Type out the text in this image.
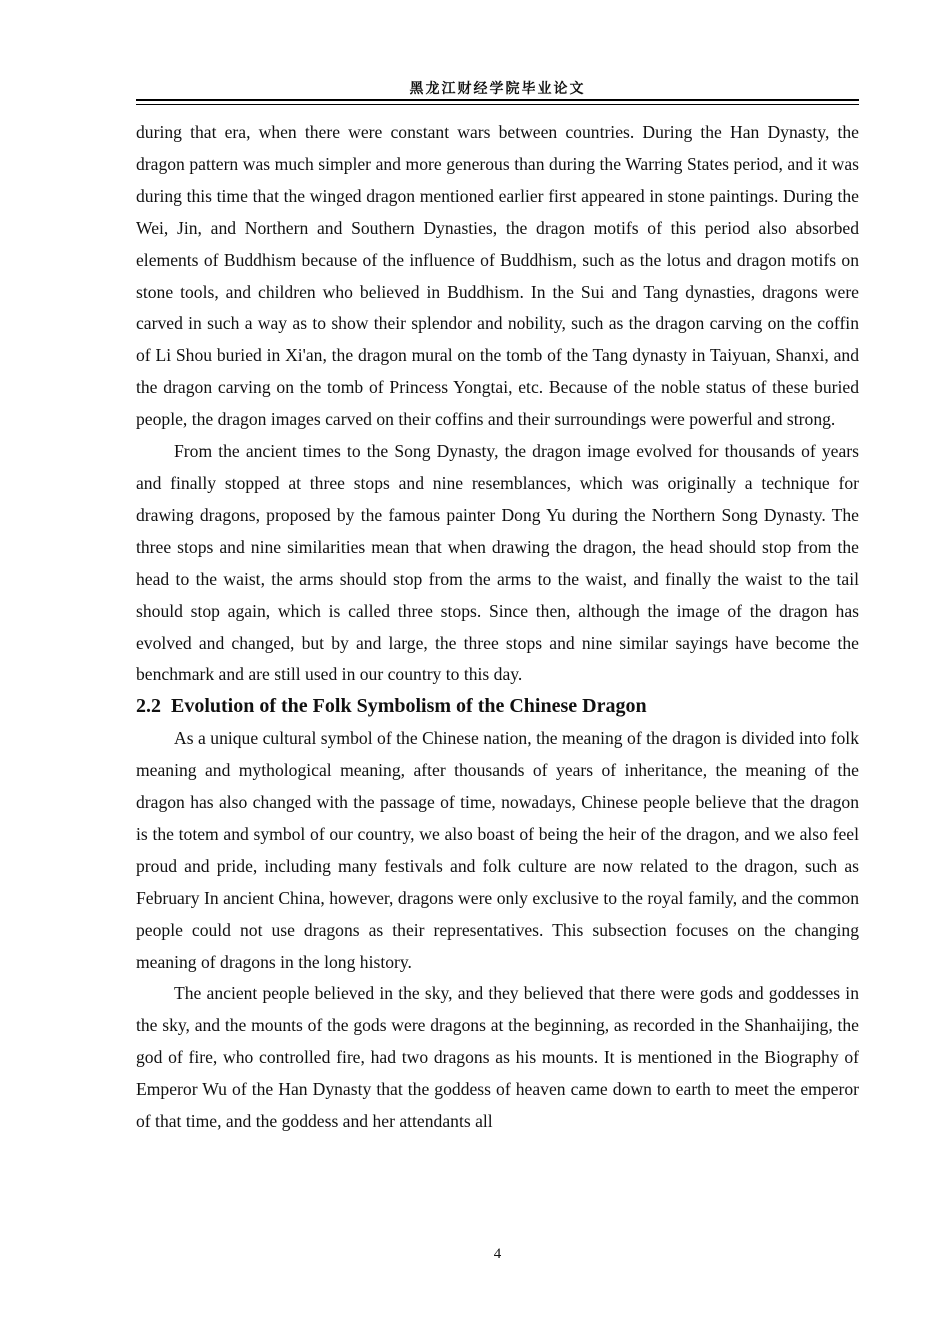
黑龙江财经学院毕业论文

during that era, when there were constant wars between countries. During the Han Dynasty, the dragon pattern was much simpler and more generous than during the Warring States period, and it was during this time that the winged dragon mentioned earlier first appeared in stone paintings. During the Wei, Jin, and Northern and Southern Dynasties, the dragon motifs of this period also absorbed elements of Buddhism because of the influence of Buddhism, such as the lotus and dragon motifs on stone tools, and children who believed in Buddhism. In the Sui and Tang dynasties, dragons were carved in such a way as to show their splendor and nobility, such as the dragon carving on the coffin of Li Shou buried in Xi'an, the dragon mural on the tomb of the Tang dynasty in Taiyuan, Shanxi, and the dragon carving on the tomb of Princess Yongtai, etc. Because of the noble status of these buried people, the dragon images carved on their coffins and their surroundings were powerful and strong.

From the ancient times to the Song Dynasty, the dragon image evolved for thousands of years and finally stopped at three stops and nine resemblances, which was originally a technique for drawing dragons, proposed by the famous painter Dong Yu during the Northern Song Dynasty. The three stops and nine similarities mean that when drawing the dragon, the head should stop from the head to the waist, the arms should stop from the arms to the waist, and finally the waist to the tail should stop again, which is called three stops. Since then, although the image of the dragon has evolved and changed, but by and large, the three stops and nine similar sayings have become the benchmark and are still used in our country to this day.

2.2 Evolution of the Folk Symbolism of the Chinese Dragon

As a unique cultural symbol of the Chinese nation, the meaning of the dragon is divided into folk meaning and mythological meaning, after thousands of years of inheritance, the meaning of the dragon has also changed with the passage of time, nowadays, Chinese people believe that the dragon is the totem and symbol of our country, we also boast of being the heir of the dragon, and we also feel proud and pride, including many festivals and folk culture are now related to the dragon, such as February In ancient China, however, dragons were only exclusive to the royal family, and the common people could not use dragons as their representatives. This subsection focuses on the changing meaning of dragons in the long history.

The ancient people believed in the sky, and they believed that there were gods and goddesses in the sky, and the mounts of the gods were dragons at the beginning, as recorded in the Shanhaijing, the god of fire, who controlled fire, had two dragons as his mounts. It is mentioned in the Biography of Emperor Wu of the Han Dynasty that the goddess of heaven came down to earth to meet the emperor of that time, and the goddess and her attendants all

4
